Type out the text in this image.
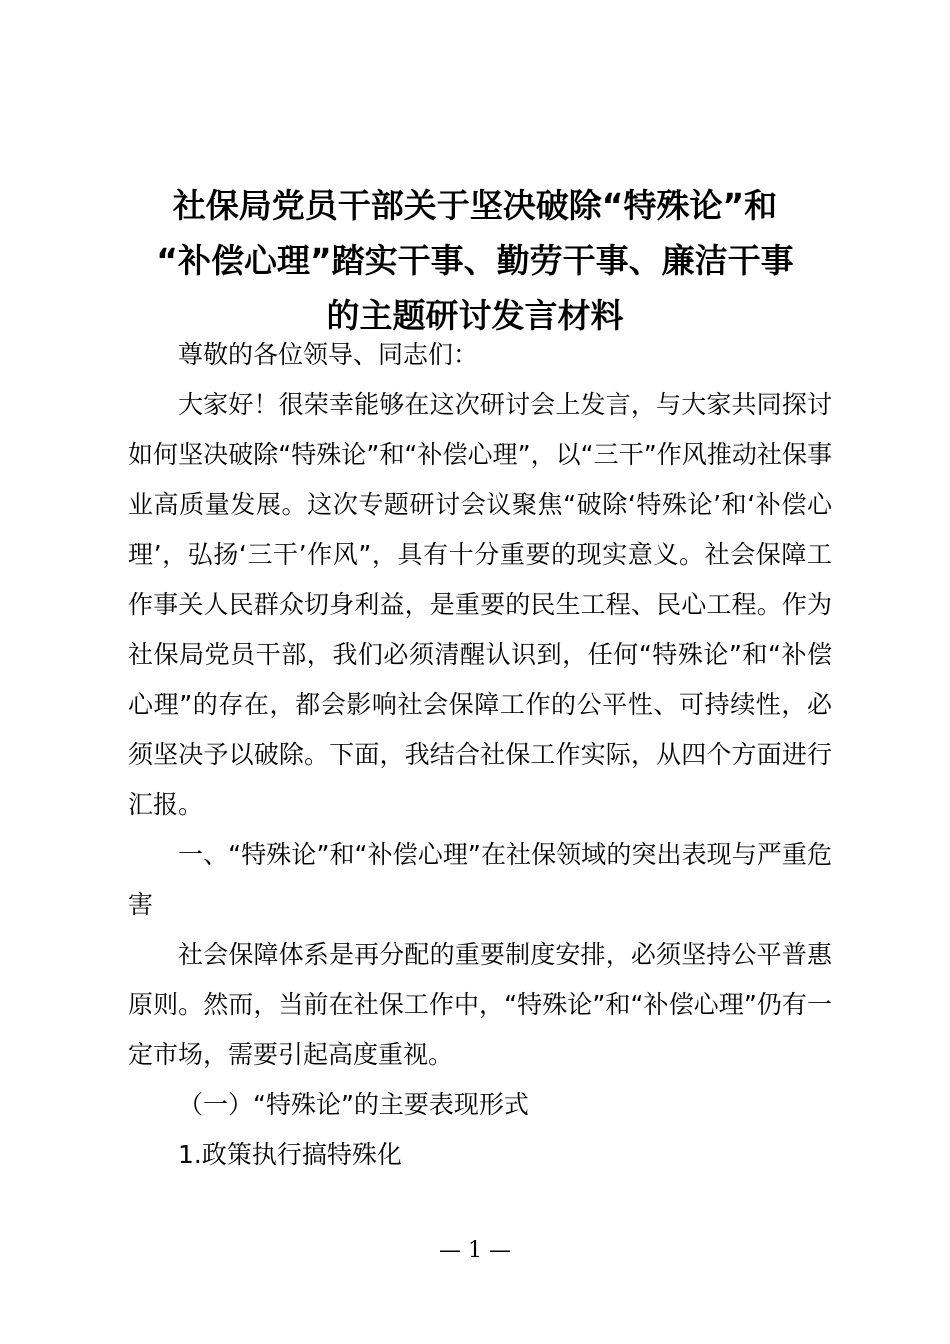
社保局党员干部关于坚决破除“特殊论”和
“补偿心理”踏实干事、勤劳干事、廉洁干事
的主题研讨发言材料

尊敬的各位领导、同志们：

大家好！很荣幸能够在这次研讨会上发言，与大家共同探讨如何坚决破除“特殊论”和“补偿心理”，以“三干”作风推动社保事业高质量发展。这次专题研讨会议聚焦“破除‘特殊论’和‘补偿心理’，弘扬‘三干’作风”，具有十分重要的现实意义。社会保障工作事关人民群众切身利益，是重要的民生工程、民心工程。作为社保局党员干部，我们必须清醒认识到，任何“特殊论”和“补偿心理”的存在，都会影响社会保障工作的公平性、可持续性，必须坚决予以破除。下面，我结合社保工作实际，从四个方面进行汇报。

一、“特殊论”和“补偿心理”在社保领域的突出表现与严重危害

社会保障体系是再分配的重要制度安排，必须坚持公平普惠原则。然而，当前在社保工作中，“特殊论”和“补偿心理”仍有一定市场，需要引起高度重视。

（一）“特殊论”的主要表现形式

1.政策执行搞特殊化

— 1 —
